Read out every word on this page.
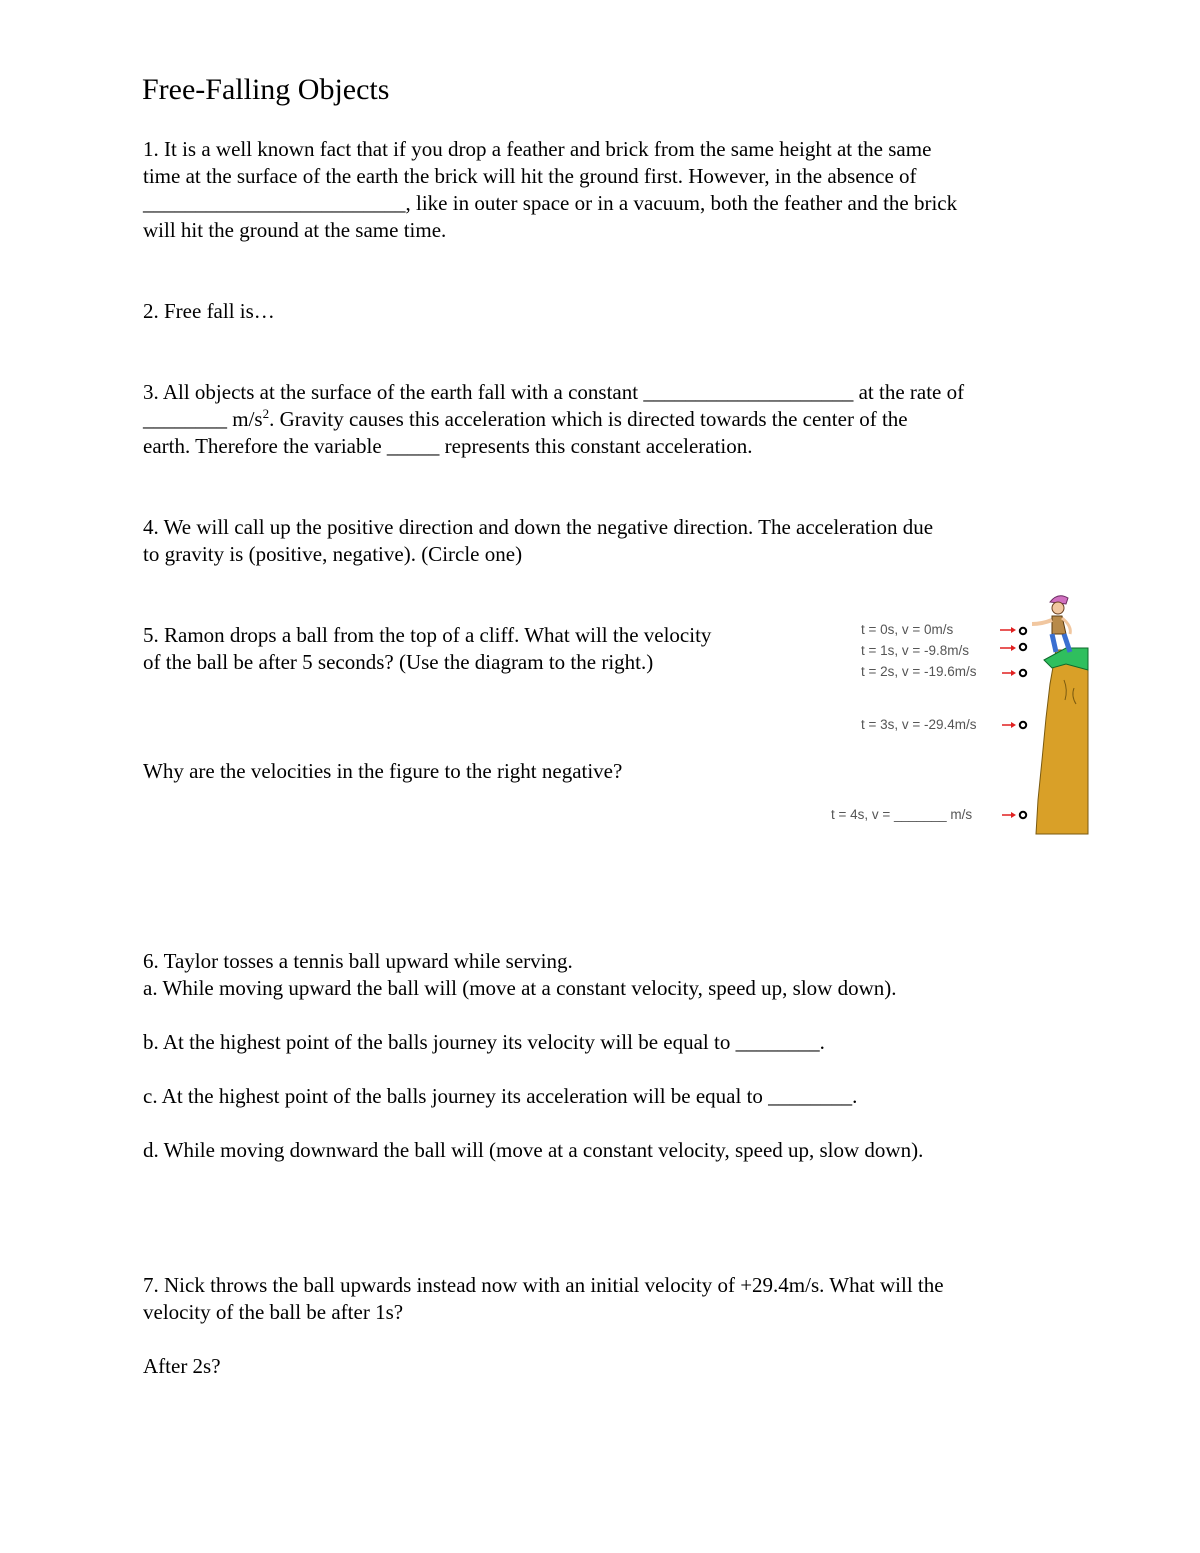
Free-Falling Objects

1. It is a well known fact that if you drop a feather and brick from the same height at the same

time at the surface of the earth the brick will hit the ground first. However, in the absence of

_________________________, like in outer space or in a vacuum, both the feather and the brick

will hit the ground at the same time.

2. Free fall is…

3. All objects at the surface of the earth fall with a constant ____________________ at the rate of

________ $m/s^2$. Gravity causes this acceleration which is directed towards the center of the

earth. Therefore the variable _____ represents this constant acceleration.

4. We will call up the positive direction and down the negative direction. The acceleration due

to gravity is (positive, negative). (Circle one)

5. Ramon drops a ball from the top of a cliff. What will the velocity

of the ball be after 5 seconds? (Use the diagram to the right.)

Why are the velocities in the figure to the right negative?

t = 0s, v = 0m/s
t = 1s, v = -9.8m/s
t = 2s, v = -19.6m/s
t = 3s, v = -29.4m/s
t = 4s, v = _______ m/s

6. Taylor tosses a tennis ball upward while serving.

a. While moving upward the ball will (move at a constant velocity, speed up, slow down).

b. At the highest point of the balls journey its velocity will be equal to ________.

c. At the highest point of the balls journey its acceleration will be equal to ________.

d. While moving downward the ball will (move at a constant velocity, speed up, slow down).

7. Nick throws the ball upwards instead now with an initial velocity of +29.4m/s. What will the

velocity of the ball be after 1s?

After 2s?
